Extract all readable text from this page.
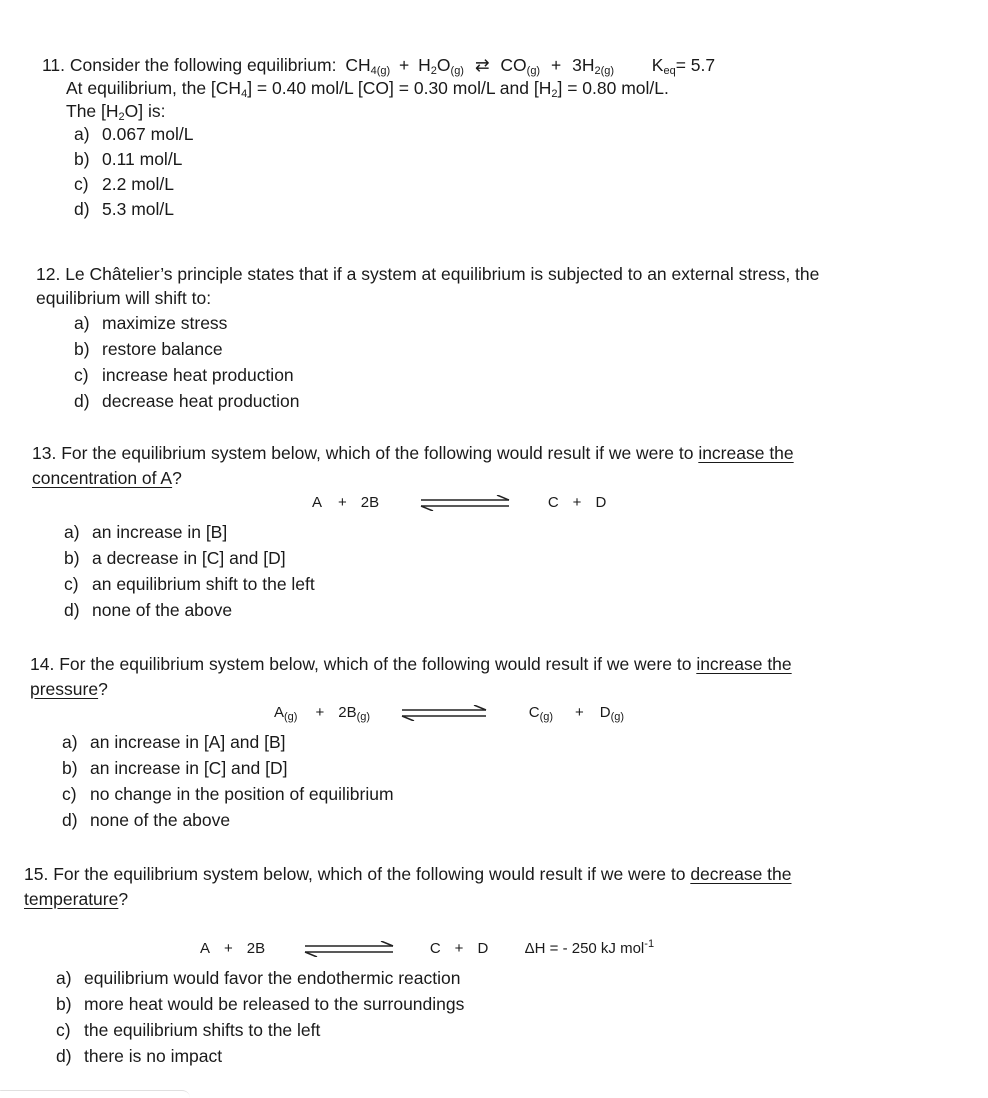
11. Consider the following equilibrium: $CH_{4(g)} + H_2O_{(g)}$ ⇄ $CO_{(g)} + 3H_{2(g)}$ $K_{eq}= 5.7$
At equilibrium, the $[CH_4] = 0.40$ mol/L [CO] = 0.30 mol/L and $[H_2] = 0.80$ mol/L.
The $[H_2O]$ is:
a) 0.067 mol/L
b) 0.11 mol/L
c) 2.2 mol/L
d) 5.3 mol/L
12. Le Châtelier’s principle states that if a system at equilibrium is subjected to an external stress, the
equilibrium will shift to:
a) maximize stress
b) restore balance
c) increase heat production
d) decrease heat production
13. For the equilibrium system below, which of the following would result if we were to increase the
concentration of A?
A + 2B	C + D
a) an increase in [B]
b) a decrease in [C] and [D]
c) an equilibrium shift to the left
d) none of the above
14. For the equilibrium system below, which of the following would result if we were to increase the
pressure?
$A_{(g)} + 2B_{(g)}$	$C_{(g)} + D_{(g)}$
a) an increase in [A] and [B]
b) an increase in [C] and [D]
c) no change in the position of equilibrium
d) none of the above
15. For the equilibrium system below, which of the following would result if we were to decrease the
temperature?
A + 2B	C + D ΔH = - 250 kJ mol$^{-1}$
a) equilibrium would favor the endothermic reaction
b) more heat would be released to the surroundings
c) the equilibrium shifts to the left
d) there is no impact
